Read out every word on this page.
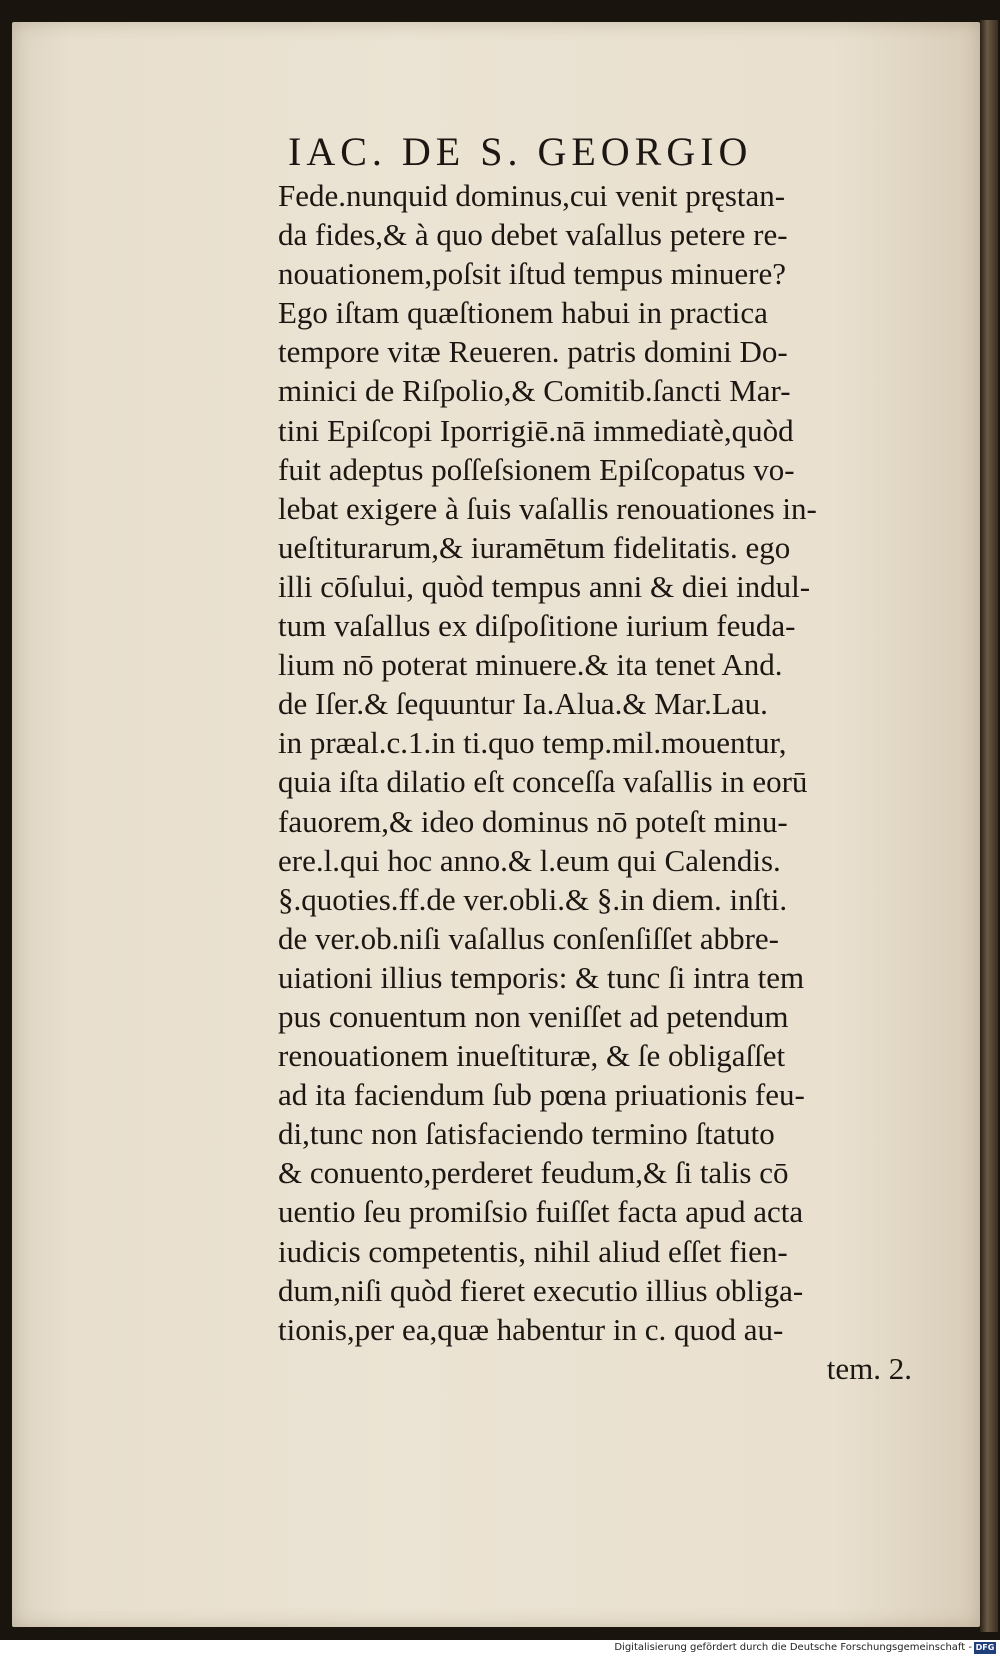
IAC. DE S. GEORGIO

Fede.nunquid dominus,cui venit pręstan-

da fides,& à quo debet vaſallus petere re-

nouationem,poſsit iſtud tempus minuere?

Ego iſtam quæſtionem habui in practica

tempore vitæ Reueren. patris domini Do-

minici de Riſpolio,& Comitib.ſancti Mar-

tini Epiſcopi Iporrigiē.nā immediatè,quòd

fuit adeptus poſſeſsionem Epiſcopatus vo-

lebat exigere à ſuis vaſallis renouationes in-

ueſtiturarum,& iuramētum fidelitatis. ego

illi cōſului, quòd tempus anni & diei indul-

tum vaſallus ex diſpoſitione iurium feuda-

lium nō poterat minuere.& ita tenet And.

de Iſer.& ſequuntur Ia.Alua.& Mar.Lau.

in præal.c.1.in ti.quo temp.mil.mouentur,

quia iſta dilatio eſt conceſſa vaſallis in eorū

fauorem,& ideo dominus nō poteſt minu-

ere.l.qui hoc anno.& l.eum qui Calendis.

§.quoties.ff.de ver.obli.& §.in diem. inſti.

de ver.ob.niſi vaſallus conſenſiſſet abbre-

uiationi illius temporis: & tunc ſi intra tem

pus conuentum non veniſſet ad petendum

renouationem inueſtituræ, & ſe obligaſſet

ad ita faciendum ſub pœna priuationis feu-

di,tunc non ſatisfaciendo termino ſtatuto

& conuento,perderet feudum,& ſi talis cō

uentio ſeu promiſsio fuiſſet facta apud acta

iudicis competentis, nihil aliud eſſet fien-

dum,niſi quòd fieret executio illius obliga-

tionis,per ea,quæ habentur in c. quod au-

tem. 2.

Digitalisierung gefördert durch die Deutsche Forschungsgemeinschaft - DFG
